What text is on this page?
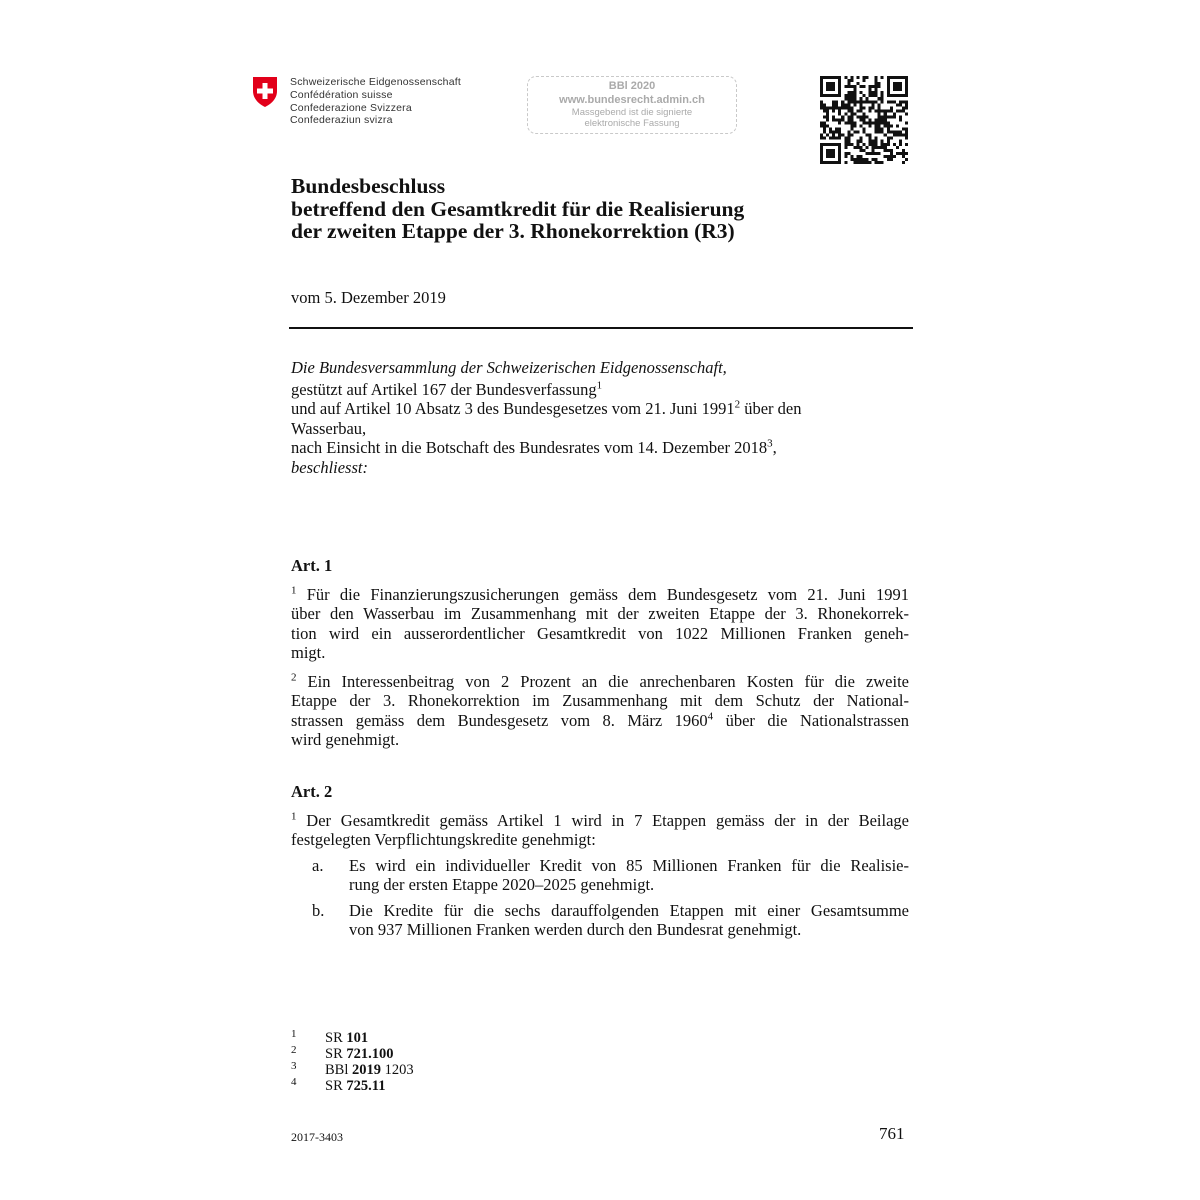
Schweizerische Eidgenossenschaft
Confédération suisse
Confederazione Svizzera
Confederaziun svizra
BBl 2020
www.bundesrecht.admin.ch
Massgebend ist die signierte
elektronische Fassung
Bundesbeschluss
betreffend den Gesamtkredit für die Realisierung
der zweiten Etappe der 3. Rhonekorrektion (R3)
vom 5. Dezember 2019
Die Bundesversammlung der Schweizerischen Eidgenossenschaft,
gestützt auf Artikel 167 der Bundesverfassung$^1$
und auf Artikel 10 Absatz 3 des Bundesgesetzes vom 21. Juni 1991$^2$ über den
Wasserbau,
nach Einsicht in die Botschaft des Bundesrates vom 14. Dezember 2018$^3$,
beschliesst:
Art. 1
$^1$ Für die Finanzierungszusicherungen gemäss dem Bundesgesetz vom 21. Juni 1991
über den Wasserbau im Zusammenhang mit der zweiten Etappe der 3. Rhonekorrek-
tion wird ein ausserordentlicher Gesamtkredit von 1022 Millionen Franken geneh-
migt.
$^2$ Ein Interessenbeitrag von 2 Prozent an die anrechenbaren Kosten für die zweite
Etappe der 3. Rhonekorrektion im Zusammenhang mit dem Schutz der National-
strassen gemäss dem Bundesgesetz vom 8. März 1960$^4$ über die Nationalstrassen
wird genehmigt.
Art. 2
$^1$ Der Gesamtkredit gemäss Artikel 1 wird in 7 Etappen gemäss der in der Beilage
festgelegten Verpflichtungskredite genehmigt:
a. Es wird ein individueller Kredit von 85 Millionen Franken für die Realisie-
rung der ersten Etappe 2020–2025 genehmigt.
b. Die Kredite für die sechs darauffolgenden Etappen mit einer Gesamtsumme
von 937 Millionen Franken werden durch den Bundesrat genehmigt.
1 SR 101
2 SR 721.100
3 BBl 2019 1203
4 SR 725.11
2017-3403	761
